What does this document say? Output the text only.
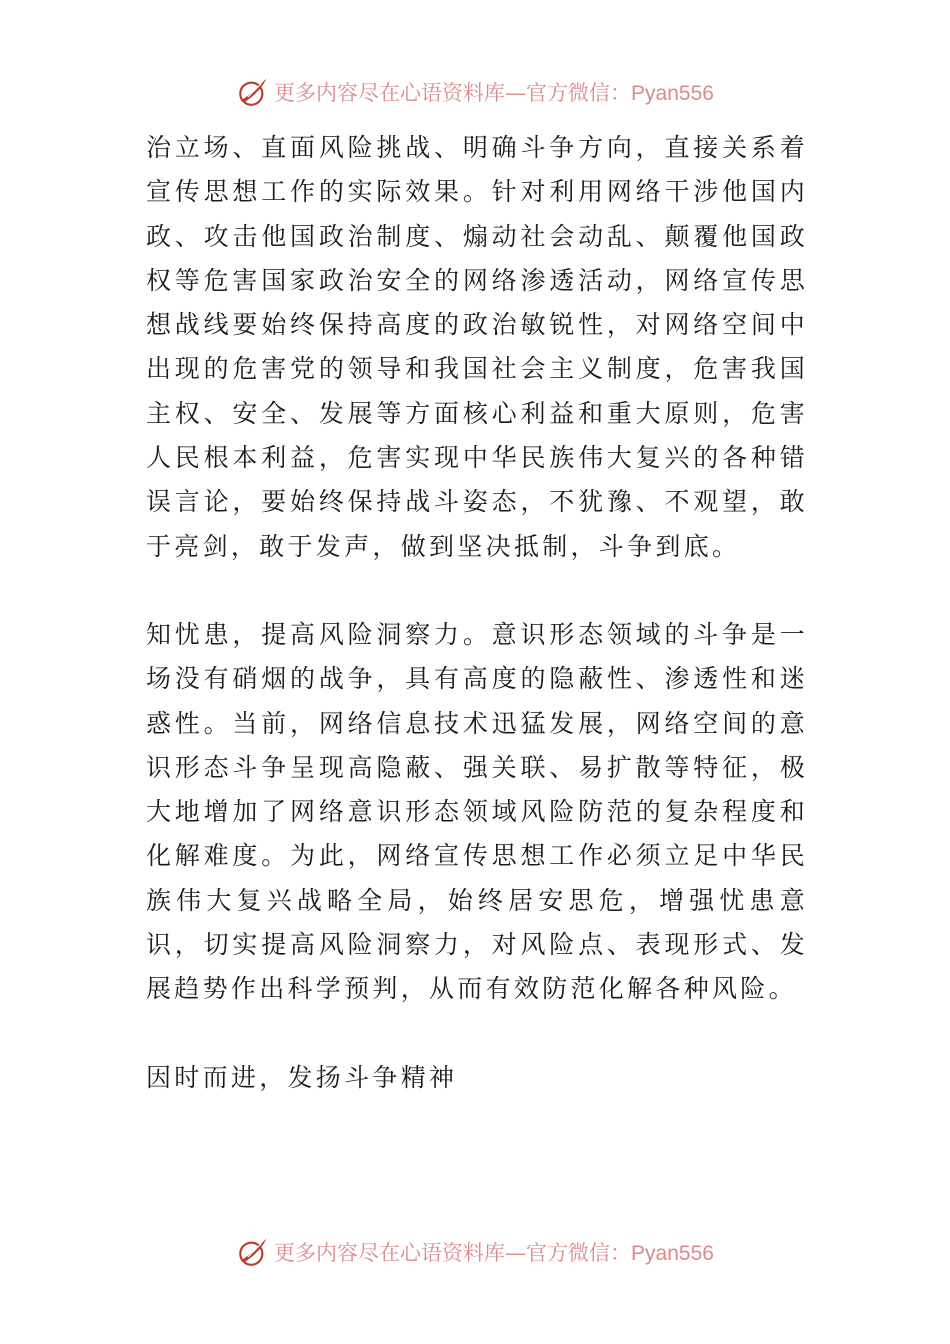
更多内容尽在心语资料库—官方微信：Pyan556

治立场、直面风险挑战、明确斗争方向，直接关系着宣传思想工作的实际效果。针对利用网络干涉他国内政、攻击他国政治制度、煽动社会动乱、颠覆他国政权等危害国家政治安全的网络渗透活动，网络宣传思想战线要始终保持高度的政治敏锐性，对网络空间中出现的危害党的领导和我国社会主义制度，危害我国主权、安全、发展等方面核心利益和重大原则，危害人民根本利益，危害实现中华民族伟大复兴的各种错误言论，要始终保持战斗姿态，不犹豫、不观望，敢于亮剑，敢于发声，做到坚决抵制，斗争到底。

知忧患，提高风险洞察力。意识形态领域的斗争是一场没有硝烟的战争，具有高度的隐蔽性、渗透性和迷惑性。当前，网络信息技术迅猛发展，网络空间的意识形态斗争呈现高隐蔽、强关联、易扩散等特征，极大地增加了网络意识形态领域风险防范的复杂程度和化解难度。为此，网络宣传思想工作必须立足中华民族伟大复兴战略全局，始终居安思危，增强忧患意识，切实提高风险洞察力，对风险点、表现形式、发展趋势作出科学预判，从而有效防范化解各种风险。

因时而进，发扬斗争精神

更多内容尽在心语资料库—官方微信：Pyan556
